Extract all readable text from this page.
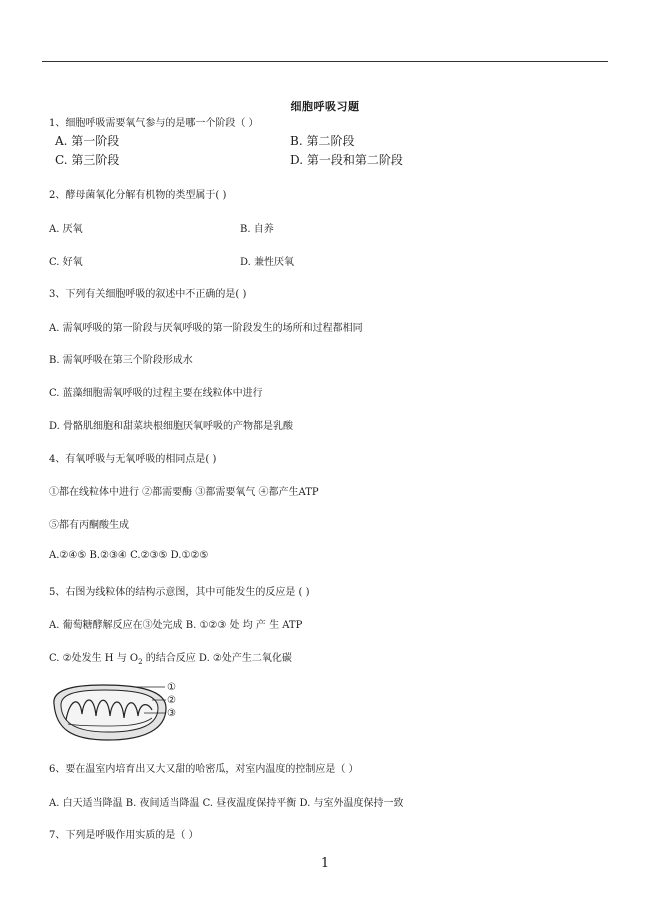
细胞呼吸习题
1、细胞呼吸需要氧气参与的是哪一个阶段（ ）
A. 第一阶段	B. 第二阶段
C. 第三阶段	D. 第一段和第二阶段
2、酵母菌氧化分解有机物的类型属于( )
A. 厌氧	B. 自养
C. 好氧	D. 兼性厌氧
3、下列有关细胞呼吸的叙述中不正确的是( )
A. 需氧呼吸的第一阶段与厌氧呼吸的第一阶段发生的场所和过程都相同
B. 需氧呼吸在第三个阶段形成水
C. 蓝藻细胞需氧呼吸的过程主要在线粒体中进行
D. 骨骼肌细胞和甜菜块根细胞厌氧呼吸的产物都是乳酸
4、有氧呼吸与无氧呼吸的相同点是( )
①都在线粒体中进行 ②都需要酶 ③都需要氧气 ④都产生ATP
⑤都有丙酮酸生成
A.②④⑤ B.②③④ C.②③⑤ D.①②⑤
5、右图为线粒体的结构示意图，其中可能发生的反应是 ( )
A. 葡萄糖酵解反应在③处完成 B. ①②③ 处 均 产 生 ATP
C. ②处发生 H 与 $O_2$ 的结合反应 D. ②处产生二氧化碳
①
②
③
6、要在温室内培育出又大又甜的哈密瓜，对室内温度的控制应是（ ）
A. 白天适当降温 B. 夜间适当降温 C. 昼夜温度保持平衡 D. 与室外温度保持一致
7、下列是呼吸作用实质的是（ ）
1
